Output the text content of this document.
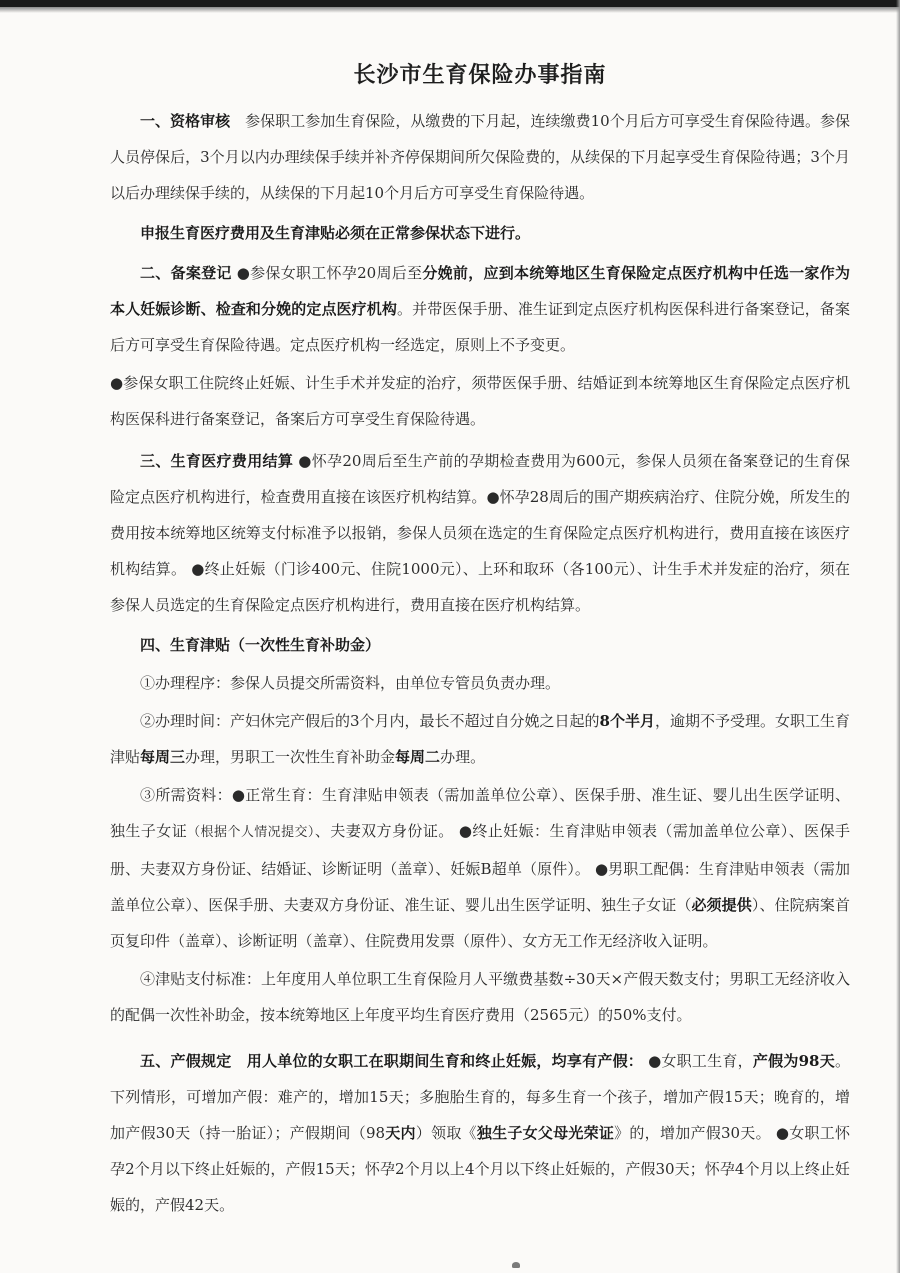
长沙市生育保险办事指南

一、资格审核　参保职工参加生育保险，从缴费的下月起，连续缴费10个月后方可享受生育保险待遇。参保人员停保后，3个月以内办理续保手续并补齐停保期间所欠保险费的，从续保的下月起享受生育保险待遇；3个月以后办理续保手续的，从续保的下月起10个月后方可享受生育保险待遇。

申报生育医疗费用及生育津贴必须在正常参保状态下进行。

二、备案登记 ●参保女职工怀孕20周后至分娩前，应到本统筹地区生育保险定点医疗机构中任选一家作为本人妊娠诊断、检查和分娩的定点医疗机构。并带医保手册、准生证到定点医疗机构医保科进行备案登记，备案后方可享受生育保险待遇。定点医疗机构一经选定，原则上不予变更。

●参保女职工住院终止妊娠、计生手术并发症的治疗，须带医保手册、结婚证到本统筹地区生育保险定点医疗机构医保科进行备案登记，备案后方可享受生育保险待遇。

三、生育医疗费用结算 ●怀孕20周后至生产前的孕期检查费用为600元，参保人员须在备案登记的生育保险定点医疗机构进行，检查费用直接在该医疗机构结算。●怀孕28周后的围产期疾病治疗、住院分娩，所发生的费用按本统筹地区统筹支付标准予以报销，参保人员须在选定的生育保险定点医疗机构进行，费用直接在该医疗机构结算。 ●终止妊娠（门诊400元、住院1000元）、上环和取环（各100元）、计生手术并发症的治疗，须在参保人员选定的生育保险定点医疗机构进行，费用直接在医疗机构结算。

四、生育津贴（一次性生育补助金）

①办理程序：参保人员提交所需资料，由单位专管员负责办理。

②办理时间：产妇休完产假后的3个月内，最长不超过自分娩之日起的8个半月，逾期不予受理。女职工生育津贴每周三办理，男职工一次性生育补助金每周二办理。

③所需资料：●正常生育：生育津贴申领表（需加盖单位公章）、医保手册、准生证、婴儿出生医学证明、独生子女证（根据个人情况提交）、夫妻双方身份证。 ●终止妊娠：生育津贴申领表（需加盖单位公章）、医保手册、夫妻双方身份证、结婚证、诊断证明（盖章）、妊娠B超单（原件）。 ●男职工配偶：生育津贴申领表（需加盖单位公章）、医保手册、夫妻双方身份证、准生证、婴儿出生医学证明、独生子女证（必须提供）、住院病案首页复印件（盖章）、诊断证明（盖章）、住院费用发票（原件）、女方无工作无经济收入证明。

④津贴支付标准：上年度用人单位职工生育保险月人平缴费基数÷30天×产假天数支付；男职工无经济收入的配偶一次性补助金，按本统筹地区上年度平均生育医疗费用（2565元）的50%支付。

五、产假规定　用人单位的女职工在职期间生育和终止妊娠，均享有产假： ●女职工生育，产假为98天。下列情形，可增加产假：难产的，增加15天；多胞胎生育的，每多生育一个孩子，增加产假15天；晚育的，增加产假30天（持一胎证）；产假期间（98天内）领取《独生子女父母光荣证》的，增加产假30天。 ●女职工怀孕2个月以下终止妊娠的，产假15天；怀孕2个月以上4个月以下终止妊娠的，产假30天；怀孕4个月以上终止妊娠的，产假42天。
